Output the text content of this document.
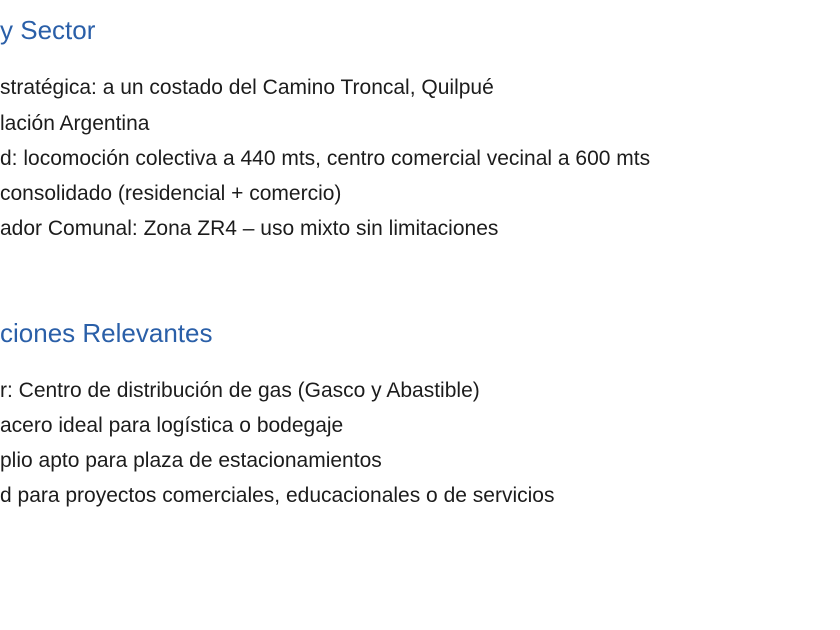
y Sector

stratégica: a un costado del Camino Troncal, Quilpué

lación Argentina

d: locomoción colectiva a 440 mts, centro comercial vecinal a 600 mts

consolidado (residencial + comercio)

ador Comunal: Zona ZR4 – uso mixto sin limitaciones

ciones Relevantes

r: Centro de distribución de gas (Gasco y Abastible)

acero ideal para logística o bodegaje

plio apto para plaza de estacionamientos

d para proyectos comerciales, educacionales o de servicios
